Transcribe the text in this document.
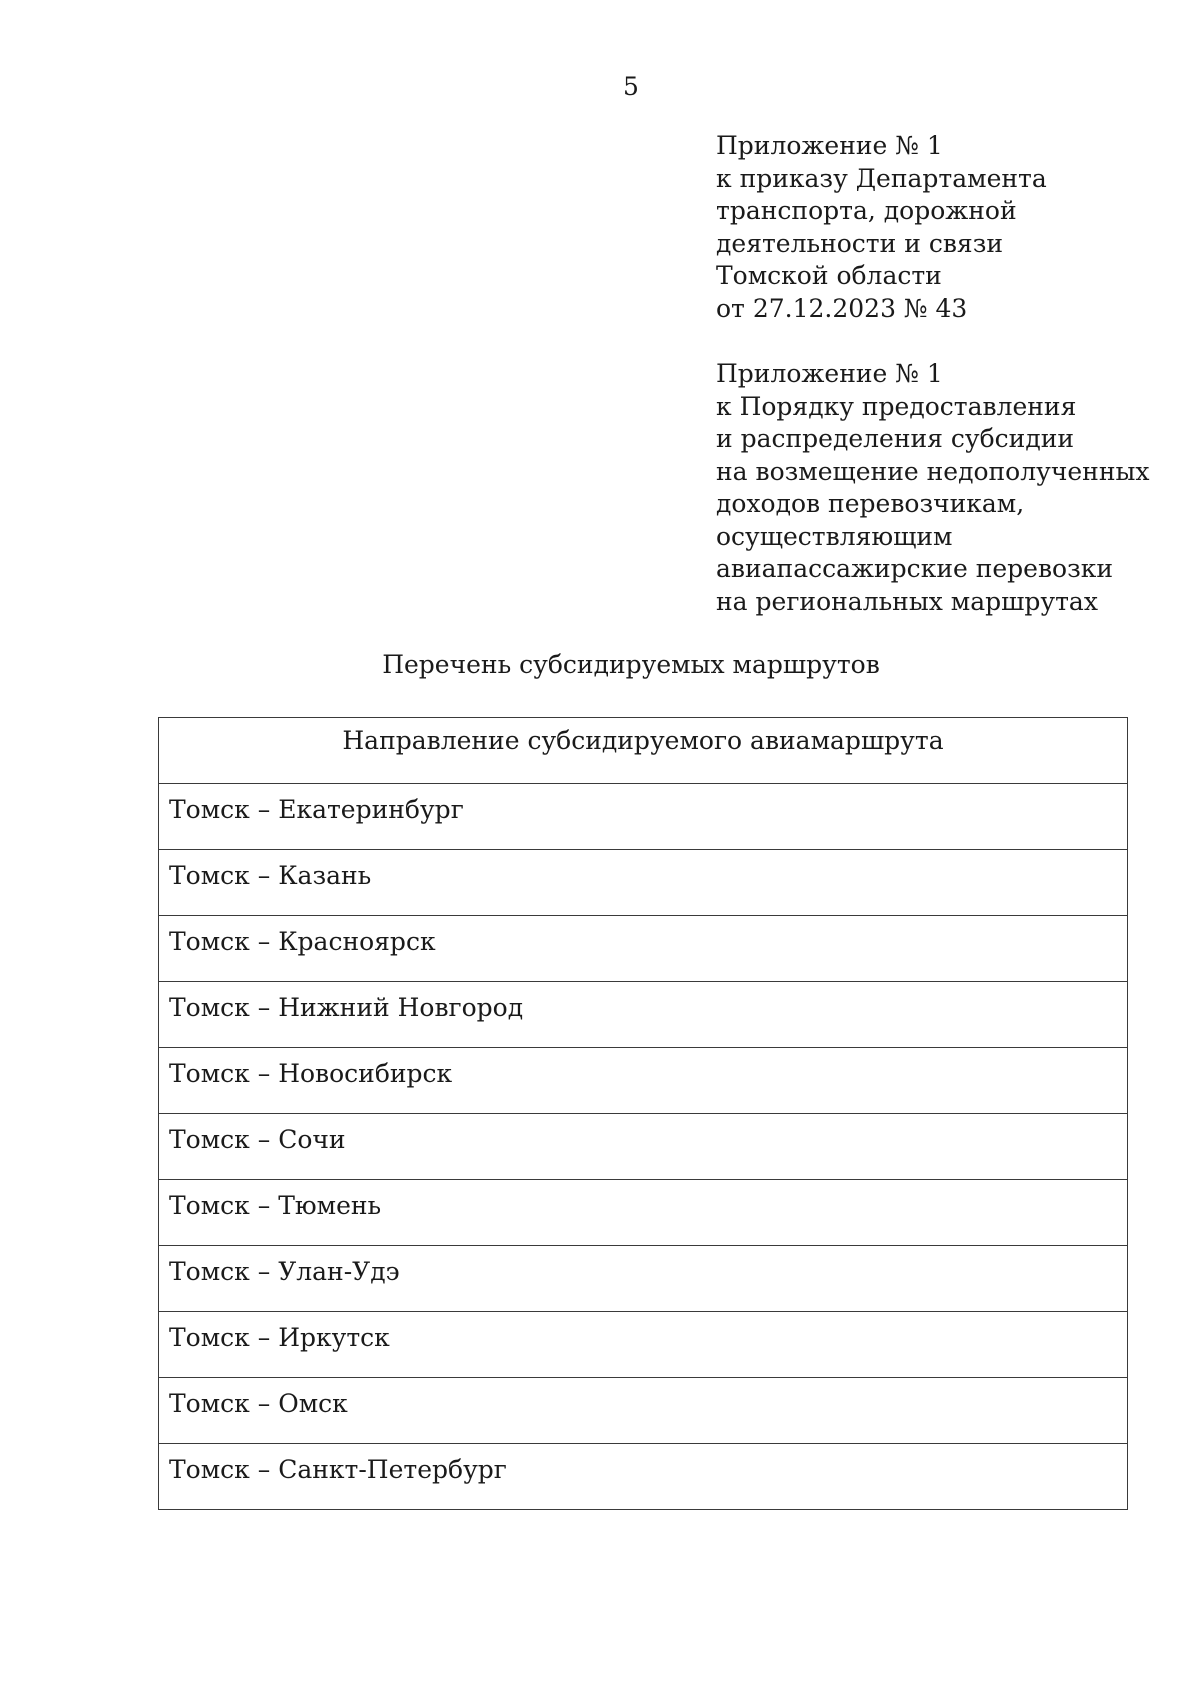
5
Приложение № 1
к приказу Департамента
транспорта, дорожной
деятельности и связи
Томской области
от 27.12.2023 № 43
Приложение № 1
к Порядку предоставления
и распределения субсидии
на возмещение недополученных
доходов перевозчикам,
осуществляющим
авиапассажирские перевозки
на региональных маршрутах
Перечень субсидируемых маршрутов
Направление субсидируемого авиамаршрута
Томск – Екатеринбург
Томск – Казань
Томск – Красноярск
Томск – Нижний Новгород
Томск – Новосибирск
Томск – Сочи
Томск – Тюмень
Томск – Улан-Удэ
Томск – Иркутск
Томск – Омск
Томск – Санкт-Петербург
